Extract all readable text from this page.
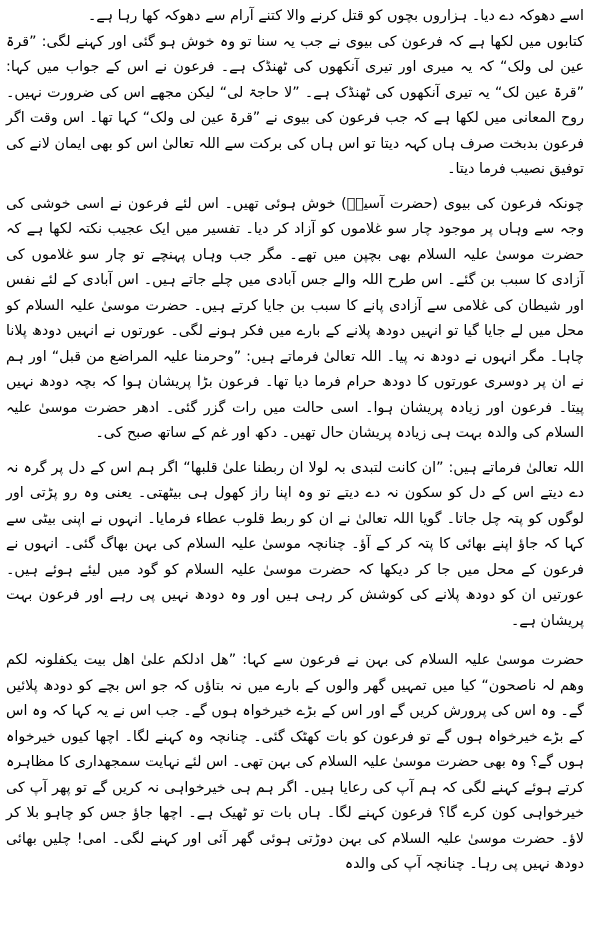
اسے دھوکہ دے دیا۔ ہزاروں بچوں کو قتل کرنے والا کتنے آرام سے دھوکہ کھا رہا ہے۔

کتابوں میں لکھا ہے کہ فرعون کی بیوی نے جب یہ سنا تو وہ خوش ہو گئی اور کہنے لگی: ”قرۃ عین لی ولک“ کہ یہ میری اور تیری آنکھوں کی ٹھنڈک ہے۔ فرعون نے اس کے جواب میں کہا: ”قرۃ عین لک“ یہ تیری آنکھوں کی ٹھنڈک ہے۔ ”لا حاجۃ لی“ لیکن مجھے اس کی ضرورت نہیں۔ روح المعانی میں لکھا ہے کہ جب فرعون کی بیوی نے ”قرۃ عین لی ولک“ کہا تھا۔ اس وقت اگر فرعون بدبخت صرف ہاں کہہ دیتا تو اس ہاں کی برکت سے اللہ تعالیٰ اس کو بھی ایمان لانے کی توفیق نصیب فرما دیتا۔

چونکہ فرعون کی بیوی (حضرت آسیہؓ) خوش ہوئی تھیں۔ اس لئے فرعون نے اسی خوشی کی وجہ سے وہاں پر موجود چار سو غلاموں کو آزاد کر دیا۔ تفسیر میں ایک عجیب نکتہ لکھا ہے کہ حضرت موسیٰ علیہ السلام بھی بچپن میں تھے۔ مگر جب وہاں پہنچے تو چار سو غلاموں کی آزادی کا سبب بن گئے۔ اس طرح اللہ والے جس آبادی میں چلے جاتے ہیں۔ اس آبادی کے لئے نفس اور شیطان کی غلامی سے آزادی پانے کا سبب بن جایا کرتے ہیں۔ حضرت موسیٰ علیہ السلام کو محل میں لے جایا گیا تو انہیں دودھ پلانے کے بارے میں فکر ہونے لگی۔ عورتوں نے انہیں دودھ پلانا چاہا۔ مگر انہوں نے دودھ نہ پیا۔ اللہ تعالیٰ فرماتے ہیں: ”وحرمنا علیہ المراضع من قبل“ اور ہم نے ان پر دوسری عورتوں کا دودھ حرام فرما دیا تھا۔ فرعون بڑا پریشان ہوا کہ بچہ دودھ نہیں پیتا۔ فرعون اور زیادہ پریشان ہوا۔ اسی حالت میں رات گزر گئی۔ ادھر حضرت موسیٰ علیہ السلام کی والدہ بہت ہی زیادہ پریشان حال تھیں۔ دکھ اور غم کے ساتھ صبح کی۔

اللہ تعالیٰ فرماتے ہیں: ”ان کانت لتبدی بہ لولا ان ربطنا علیٰ قلبھا“ اگر ہم اس کے دل پر گرہ نہ دے دیتے اس کے دل کو سکون نہ دے دیتے تو وہ اپنا راز کھول ہی بیٹھتی۔ یعنی وہ رو پڑتی اور لوگوں کو پتہ چل جاتا۔ گویا اللہ تعالیٰ نے ان کو ربط قلوب عطاء فرمایا۔ انہوں نے اپنی بیٹی سے کہا کہ جاؤ اپنے بھائی کا پتہ کر کے آؤ۔ چنانچہ موسیٰ علیہ السلام کی بہن بھاگ گئی۔ انہوں نے فرعون کے محل میں جا کر دیکھا کہ حضرت موسیٰ علیہ السلام کو گود میں لیئے ہوئے ہیں۔ عورتیں ان کو دودھ پلانے کی کوشش کر رہی ہیں اور وہ دودھ نہیں پی رہے اور فرعون بہت پریشان ہے۔

حضرت موسیٰ علیہ السلام کی بہن نے فرعون سے کہا: ”ھل ادلکم علیٰ اھل بیت یکفلونہ لکم وھم لہ ناصحون“ کیا میں تمہیں گھر والوں کے بارے میں نہ بتاؤں کہ جو اس بچے کو دودھ پلائیں گے۔ وہ اس کی پرورش کریں گے اور اس کے بڑے خیرخواہ ہوں گے۔ جب اس نے یہ کہا کہ وہ اس کے بڑے خیرخواہ ہوں گے تو فرعون کو بات کھٹک گئی۔ چنانچہ وہ کہنے لگا۔ اچھا کیوں خیرخواہ ہوں گے؟ وہ بھی حضرت موسیٰ علیہ السلام کی بہن تھی۔ اس لئے نہایت سمجھداری کا مظاہرہ کرتے ہوئے کہنے لگی کہ ہم آپ کی رعایا ہیں۔ اگر ہم ہی خیرخواہی نہ کریں گے تو پھر آپ کی خیرخواہی کون کرے گا؟ فرعون کہنے لگا۔ ہاں بات تو ٹھیک ہے۔ اچھا جاؤ جس کو چاہو بلا کر لاؤ۔ حضرت موسیٰ علیہ السلام کی بہن دوڑتی ہوئی گھر آئی اور کہنے لگی۔ امی! چلیں بھائی دودھ نہیں پی رہا۔ چنانچہ آپ کی والدہ
